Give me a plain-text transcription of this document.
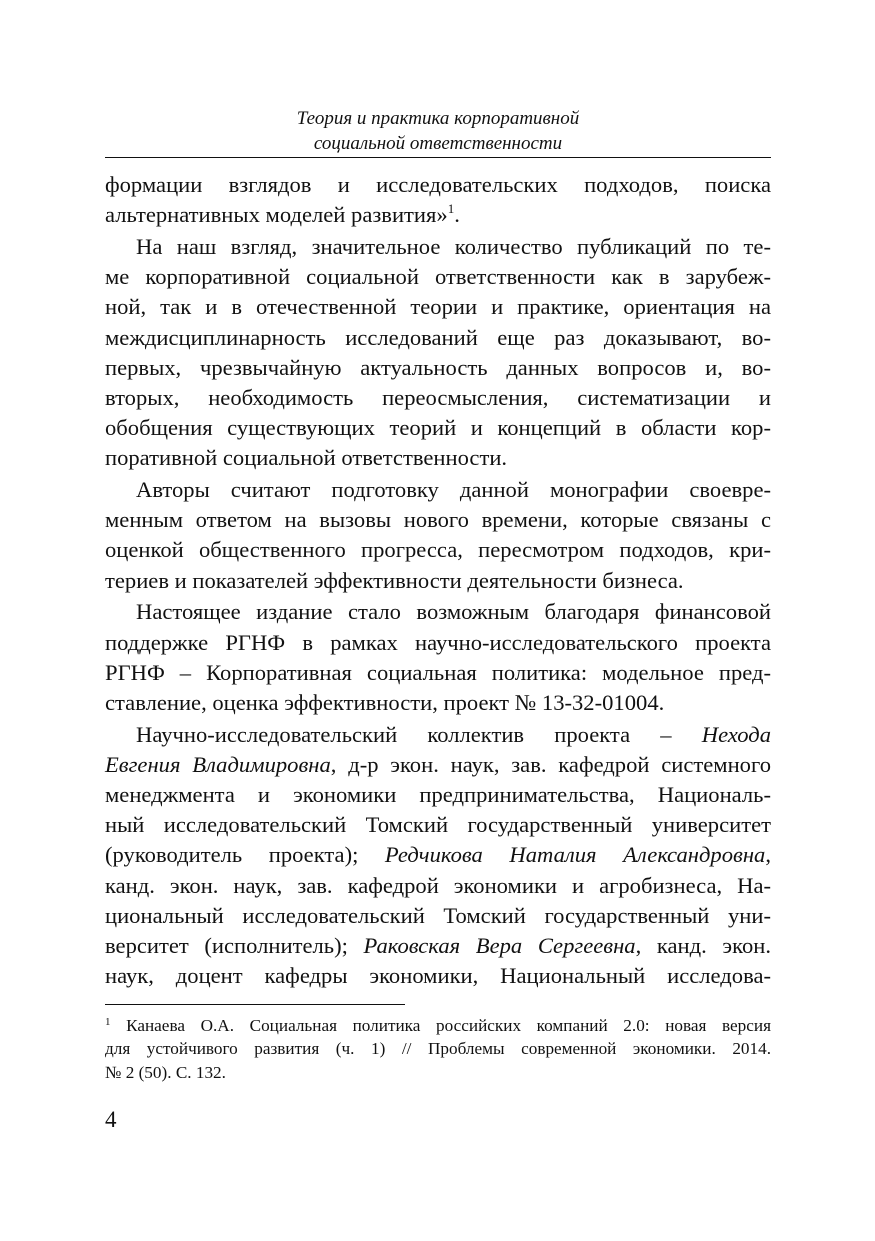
Теория и практика корпоративной
социальной ответственности

формации взглядов и исследовательских подходов, поиска
альтернативных моделей развития»$^1$.

На наш взгляд, значительное количество публикаций по те-
ме корпоративной социальной ответственности как в зарубеж-
ной, так и в отечественной теории и практике, ориентация на
междисциплинарность исследований еще раз доказывают, во-
первых, чрезвычайную актуальность данных вопросов и, во-
вторых, необходимость переосмысления, систематизации и
обобщения существующих теорий и концепций в области кор-
поративной социальной ответственности.

Авторы считают подготовку данной монографии своевре-
менным ответом на вызовы нового времени, которые связаны с
оценкой общественного прогресса, пересмотром подходов, кри-
териев и показателей эффективности деятельности бизнеса.

Настоящее издание стало возможным благодаря финансовой
поддержке РГНФ в рамках научно-исследовательского проекта
РГНФ – Корпоративная социальная политика: модельное пред-
ставление, оценка эффективности, проект № 13-32-01004.

Научно-исследовательский коллектив проекта – Нехода
Евгения Владимировна, д-р экон. наук, зав. кафедрой системного
менеджмента и экономики предпринимательства, Националь-
ный исследовательский Томский государственный университет
(руководитель проекта); Редчикова Наталия Александровна,
канд. экон. наук, зав. кафедрой экономики и агробизнеса, На-
циональный исследовательский Томский государственный уни-
верситет (исполнитель); Раковская Вера Сергеевна, канд. экон.
наук, доцент кафедры экономики, Национальный исследова-

$^1$ Канаева О.А. Социальная политика российских компаний 2.0: новая версия
для устойчивого развития (ч. 1) // Проблемы современной экономики. 2014.
№ 2 (50). С. 132.
4
